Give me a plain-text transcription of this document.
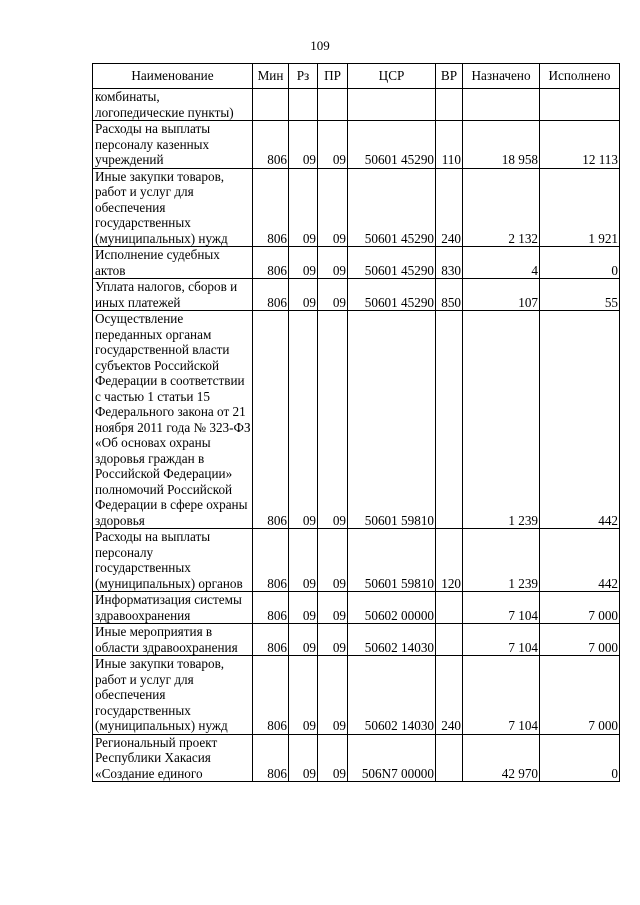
109
Наименование	Мин	Рз	ПР	ЦСР	ВР	Назначено	Исполнено
комбинаты, логопедические пункты)							
Расходы на выплаты персоналу казенных учреждений	806	09	09	50601 45290	110	18 958	12 113
Иные закупки товаров, работ и услуг для обеспечения государственных (муниципальных) нужд	806	09	09	50601 45290	240	2 132	1 921
Исполнение судебных актов	806	09	09	50601 45290	830	4	0
Уплата налогов, сборов и иных платежей	806	09	09	50601 45290	850	107	55
Осуществление переданных органам государственной власти субъектов Российской Федерации в соответствии с частью 1 статьи 15 Федерального закона от 21 ноября 2011 года № 323-ФЗ «Об основах охраны здоровья граждан в Российской Федерации» полномочий Российской Федерации в сфере охраны здоровья	806	09	09	50601 59810		1 239	442
Расходы на выплаты персоналу государственных (муниципальных) органов	806	09	09	50601 59810	120	1 239	442
Информатизация системы здравоохранения	806	09	09	50602 00000		7 104	7 000
Иные мероприятия в области здравоохранения	806	09	09	50602 14030		7 104	7 000
Иные закупки товаров, работ и услуг для обеспечения государственных (муниципальных) нужд	806	09	09	50602 14030	240	7 104	7 000
Региональный проект Республики Хакасия «Создание единого	806	09	09	506N7 00000		42 970	0
